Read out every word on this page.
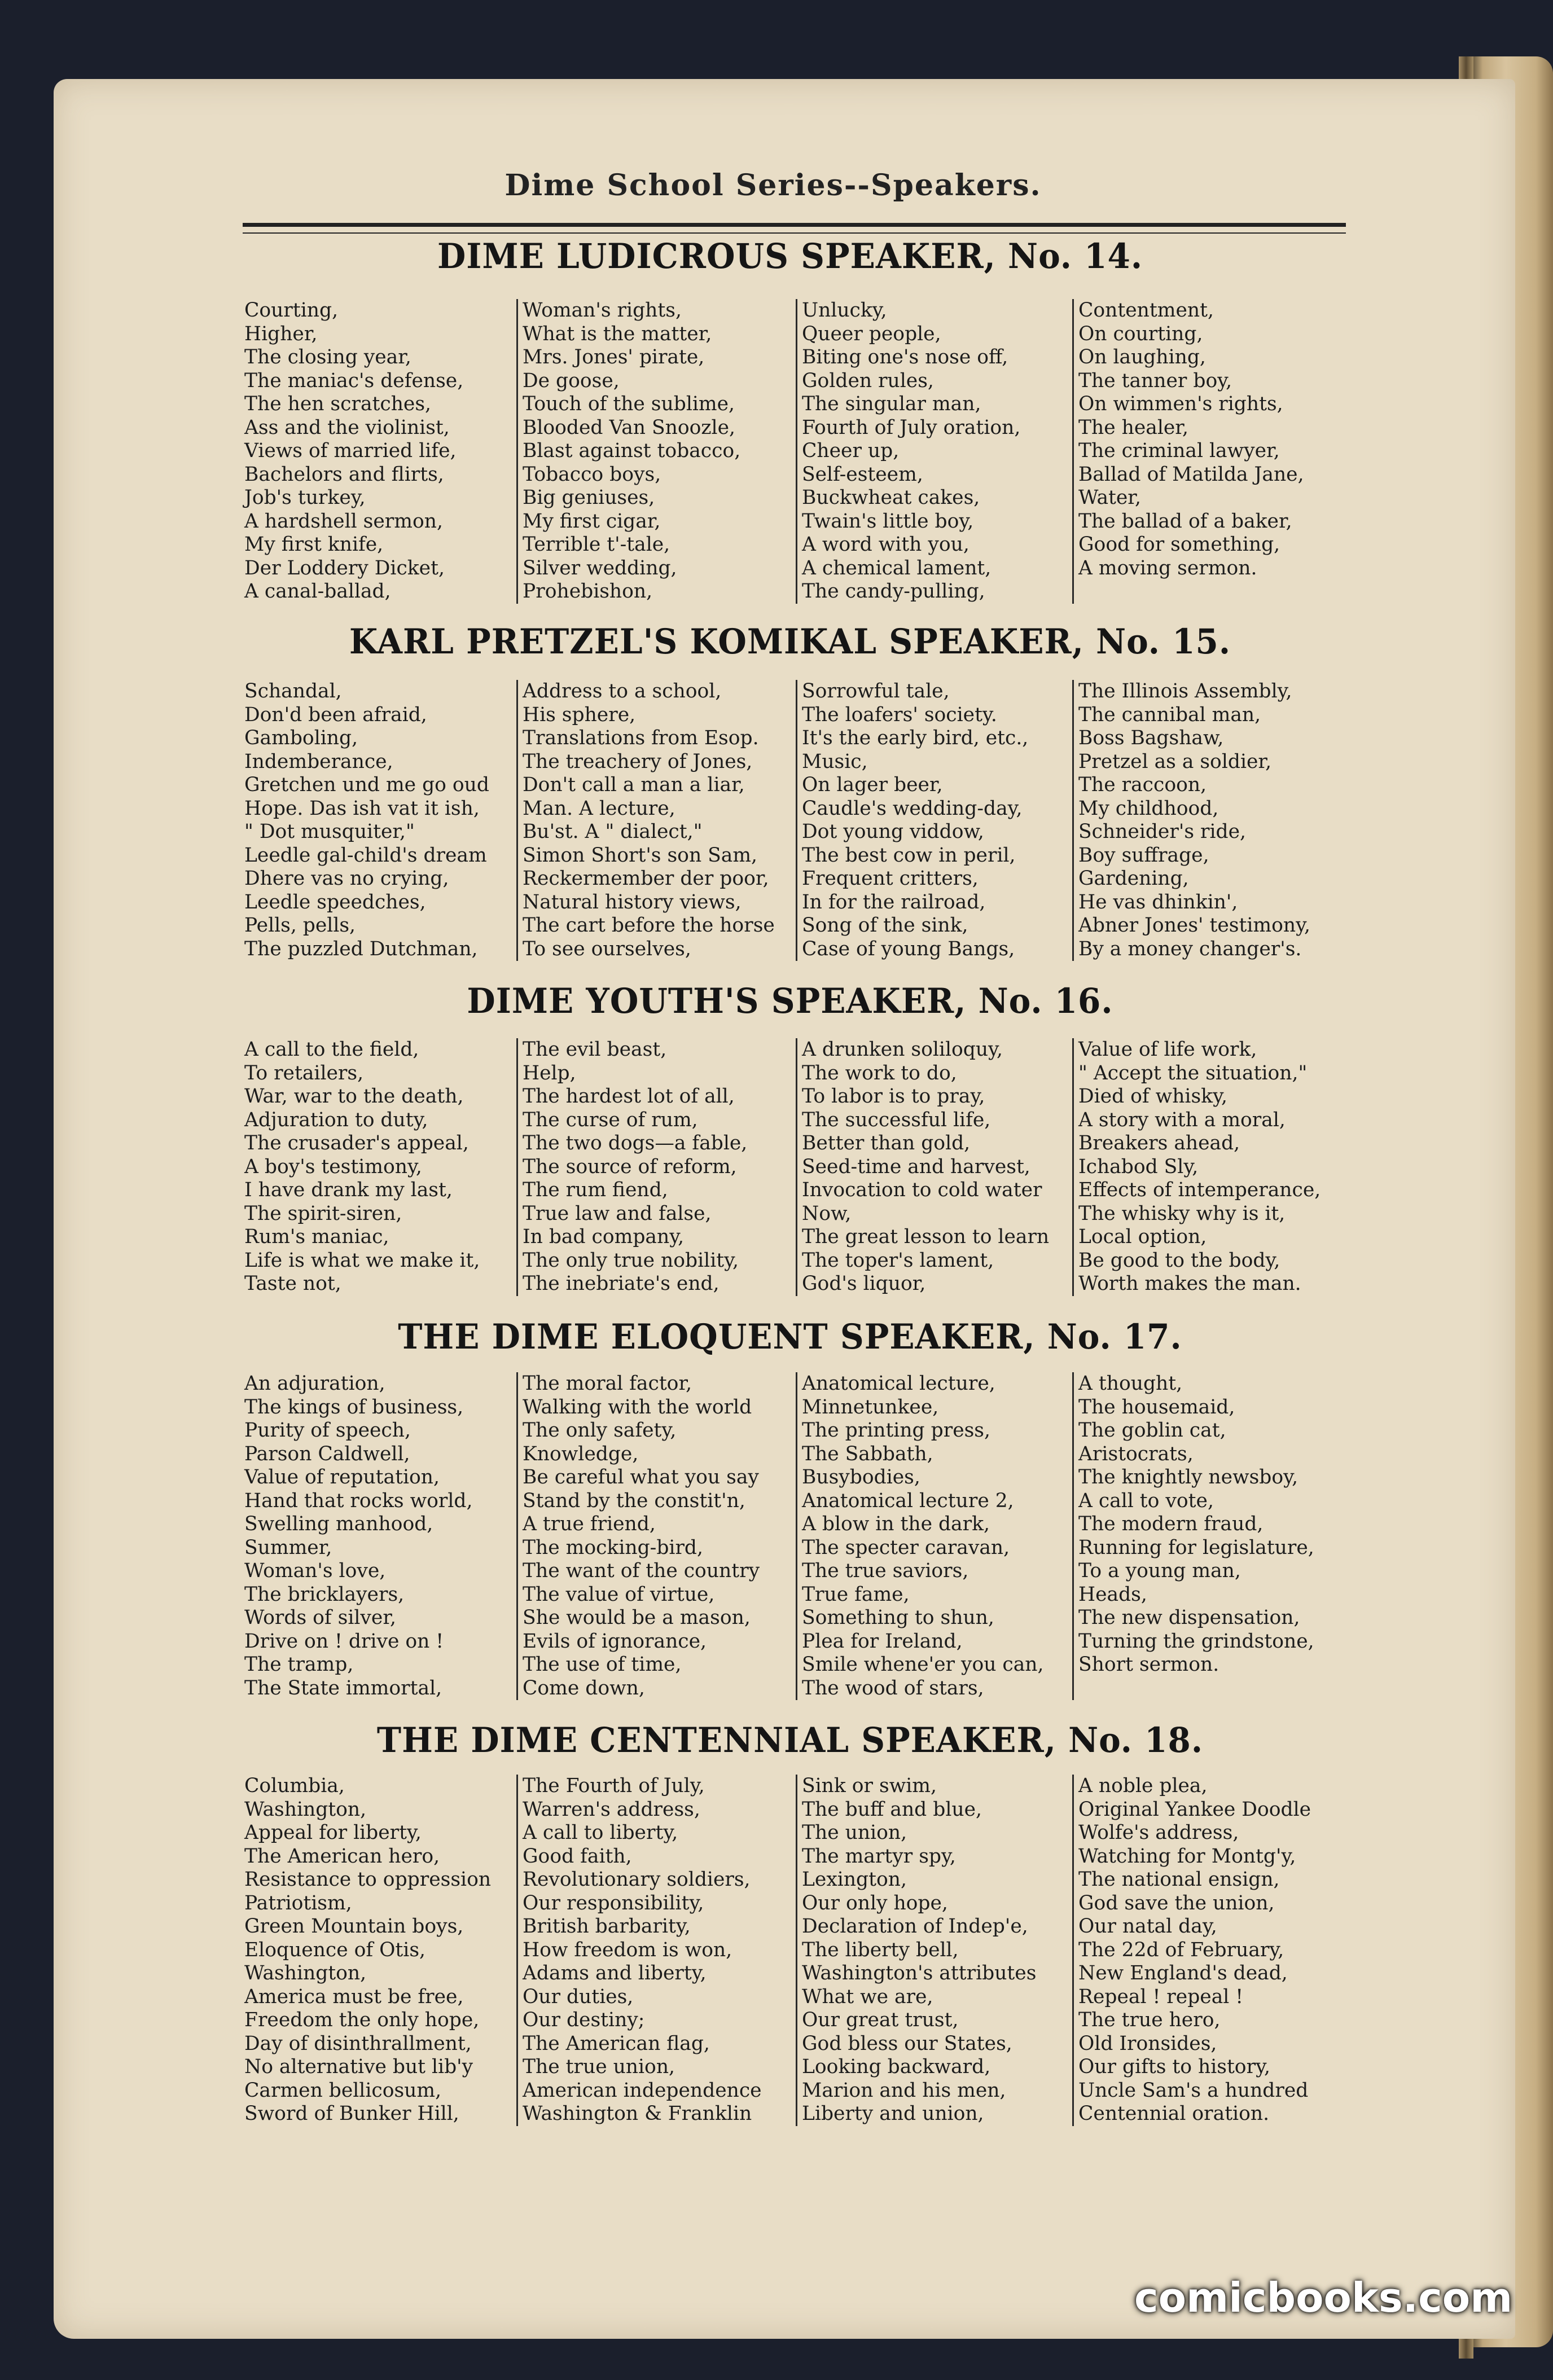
Dime School Series--Speakers.
DIME LUDICROUS SPEAKER, No. 14.
Courting,
Higher,
The closing year,
The maniac's defense,
The hen scratches,
Ass and the violinist,
Views of married life,
Bachelors and flirts,
Job's turkey,
A hardshell sermon,
My first knife,
Der Loddery Dicket,
A canal-ballad,
Woman's rights,
What is the matter,
Mrs. Jones' pirate,
De goose,
Touch of the sublime,
Blooded Van Snoozle,
Blast against tobacco,
Tobacco boys,
Big geniuses,
My first cigar,
Terrible t'-tale,
Silver wedding,
Prohebishon,
Unlucky,
Queer people,
Biting one's nose off,
Golden rules,
The singular man,
Fourth of July oration,
Cheer up,
Self-esteem,
Buckwheat cakes,
Twain's little boy,
A word with you,
A chemical lament,
The candy-pulling,
Contentment,
On courting,
On laughing,
The tanner boy,
On wimmen's rights,
The healer,
The criminal lawyer,
Ballad of Matilda Jane,
Water,
The ballad of a baker,
Good for something,
A moving sermon.
KARL PRETZEL'S KOMIKAL SPEAKER, No. 15.
Schandal,
Don'd been afraid,
Gamboling,
Indemberance,
Gretchen und me go oud
Hope. Das ish vat it ish,
" Dot musquiter,"
Leedle gal-child's dream
Dhere vas no crying,
Leedle speedches,
Pells, pells,
The puzzled Dutchman,
Address to a school,
His sphere,
Translations from Esop.
The treachery of Jones,
Don't call a man a liar,
Man. A lecture,
Bu'st. A " dialect,"
Simon Short's son Sam,
Reckermember der poor,
Natural history views,
The cart before the horse
To see ourselves,
Sorrowful tale,
The loafers' society.
It's the early bird, etc.,
Music,
On lager beer,
Caudle's wedding-day,
Dot young viddow,
The best cow in peril,
Frequent critters,
In for the railroad,
Song of the sink,
Case of young Bangs,
The Illinois Assembly,
The cannibal man,
Boss Bagshaw,
Pretzel as a soldier,
The raccoon,
My childhood,
Schneider's ride,
Boy suffrage,
Gardening,
He vas dhinkin',
Abner Jones' testimony,
By a money changer's.
DIME YOUTH'S SPEAKER, No. 16.
A call to the field,
To retailers,
War, war to the death,
Adjuration to duty,
The crusader's appeal,
A boy's testimony,
I have drank my last,
The spirit-siren,
Rum's maniac,
Life is what we make it,
Taste not,
The evil beast,
Help,
The hardest lot of all,
The curse of rum,
The two dogs—a fable,
The source of reform,
The rum fiend,
True law and false,
In bad company,
The only true nobility,
The inebriate's end,
A drunken soliloquy,
The work to do,
To labor is to pray,
The successful life,
Better than gold,
Seed-time and harvest,
Invocation to cold water
Now,
The great lesson to learn
The toper's lament,
God's liquor,
Value of life work,
" Accept the situation,"
Died of whisky,
A story with a moral,
Breakers ahead,
Ichabod Sly,
Effects of intemperance,
The whisky why is it,
Local option,
Be good to the body,
Worth makes the man.
THE DIME ELOQUENT SPEAKER, No. 17.
An adjuration,
The kings of business,
Purity of speech,
Parson Caldwell,
Value of reputation,
Hand that rocks world,
Swelling manhood,
Summer,
Woman's love,
The bricklayers,
Words of silver,
Drive on ! drive on !
The tramp,
The State immortal,
The moral factor,
Walking with the world
The only safety,
Knowledge,
Be careful what you say
Stand by the constit'n,
A true friend,
The mocking-bird,
The want of the country
The value of virtue,
She would be a mason,
Evils of ignorance,
The use of time,
Come down,
Anatomical lecture,
Minnetunkee,
The printing press,
The Sabbath,
Busybodies,
Anatomical lecture 2,
A blow in the dark,
The specter caravan,
The true saviors,
True fame,
Something to shun,
Plea for Ireland,
Smile whene'er you can,
The wood of stars,
A thought,
The housemaid,
The goblin cat,
Aristocrats,
The knightly newsboy,
A call to vote,
The modern fraud,
Running for legislature,
To a young man,
Heads,
The new dispensation,
Turning the grindstone,
Short sermon.
THE DIME CENTENNIAL SPEAKER, No. 18.
Columbia,
Washington,
Appeal for liberty,
The American hero,
Resistance to oppression
Patriotism,
Green Mountain boys,
Eloquence of Otis,
Washington,
America must be free,
Freedom the only hope,
Day of disinthrallment,
No alternative but lib'y
Carmen bellicosum,
Sword of Bunker Hill,
The Fourth of July,
Warren's address,
A call to liberty,
Good faith,
Revolutionary soldiers,
Our responsibility,
British barbarity,
How freedom is won,
Adams and liberty,
Our duties,
Our destiny;
The American flag,
The true union,
American independence
Washington & Franklin
Sink or swim,
The buff and blue,
The union,
The martyr spy,
Lexington,
Our only hope,
Declaration of Indep'e,
The liberty bell,
Washington's attributes
What we are,
Our great trust,
God bless our States,
Looking backward,
Marion and his men,
Liberty and union,
A noble plea,
Original Yankee Doodle
Wolfe's address,
Watching for Montg'y,
The national ensign,
God save the union,
Our natal day,
The 22d of February,
New England's dead,
Repeal ! repeal !
The true hero,
Old Ironsides,
Our gifts to history,
Uncle Sam's a hundred
Centennial oration.
comicbooks.com
